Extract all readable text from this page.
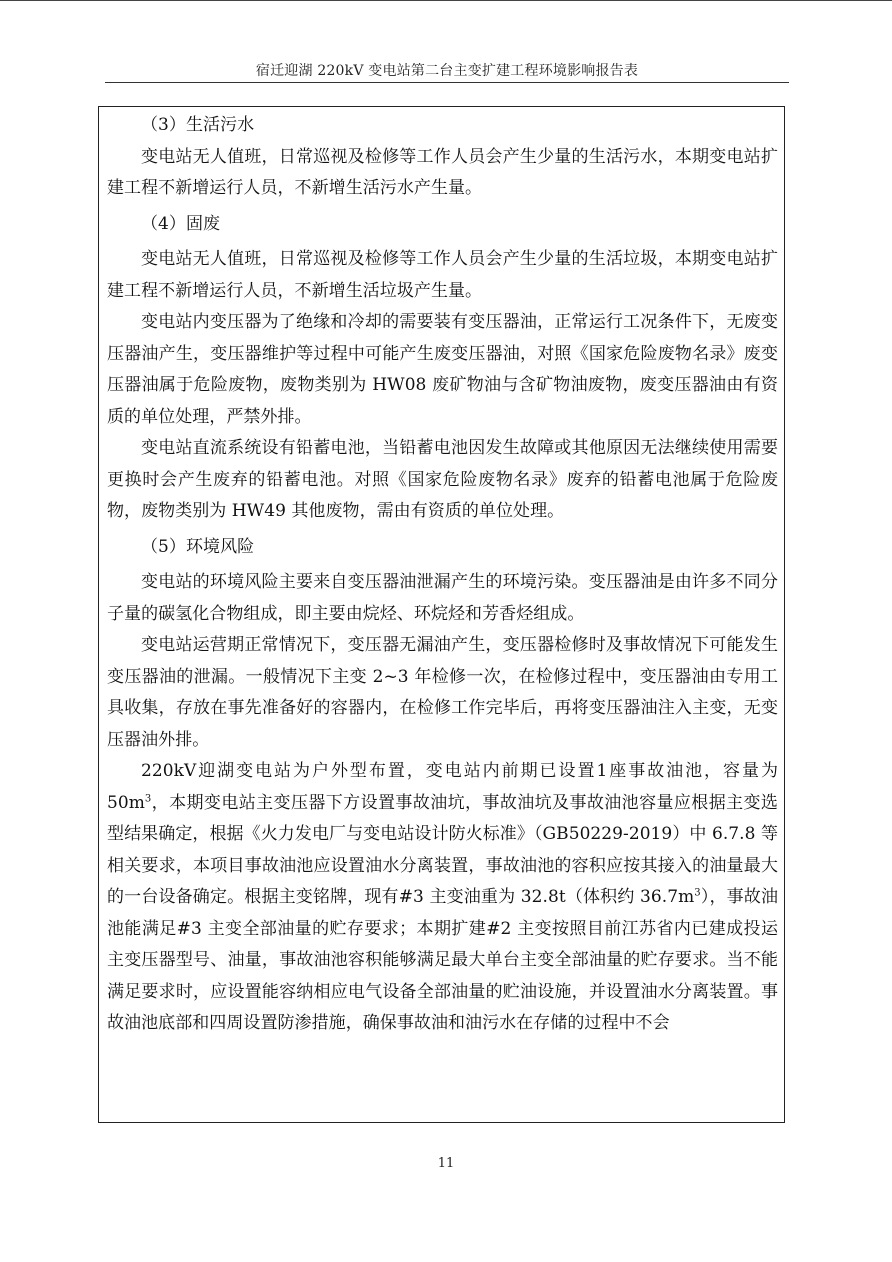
宿迁迎湖 220kV 变电站第二台主变扩建工程环境影响报告表

（3）生活污水

变电站无人值班，日常巡视及检修等工作人员会产生少量的生活污水，本期变电站扩建工程不新增运行人员，不新增生活污水产生量。

（4）固废

变电站无人值班，日常巡视及检修等工作人员会产生少量的生活垃圾，本期变电站扩建工程不新增运行人员，不新增生活垃圾产生量。

变电站内变压器为了绝缘和冷却的需要装有变压器油，正常运行工况条件下，无废变压器油产生，变压器维护等过程中可能产生废变压器油，对照《国家危险废物名录》废变压器油属于危险废物，废物类别为 HW08 废矿物油与含矿物油废物，废变压器油由有资质的单位处理，严禁外排。

变电站直流系统设有铅蓄电池，当铅蓄电池因发生故障或其他原因无法继续使用需要更换时会产生废弃的铅蓄电池。对照《国家危险废物名录》废弃的铅蓄电池属于危险废物，废物类别为 HW49 其他废物，需由有资质的单位处理。

（5）环境风险

变电站的环境风险主要来自变压器油泄漏产生的环境污染。变压器油是由许多不同分子量的碳氢化合物组成，即主要由烷烃、环烷烃和芳香烃组成。

变电站运营期正常情况下，变压器无漏油产生，变压器检修时及事故情况下可能发生变压器油的泄漏。一般情况下主变 2~3 年检修一次，在检修过程中，变压器油由专用工具收集，存放在事先准备好的容器内，在检修工作完毕后，再将变压器油注入主变，无变压器油外排。

220kV迎湖变电站为户外型布置，变电站内前期已设置1座事故油池，容量为$50m^3$，本期变电站主变压器下方设置事故油坑，事故油坑及事故油池容量应根据主变选型结果确定，根据《火力发电厂与变电站设计防火标准》（GB50229-2019）中 6.7.8 等相关要求，本项目事故油池应设置油水分离装置，事故油池的容积应按其接入的油量最大的一台设备确定。根据主变铭牌，现有#3 主变油重为 32.8t（体积约 $36.7m^3$），事故油池能满足#3 主变全部油量的贮存要求；本期扩建#2 主变按照目前江苏省内已建成投运主变压器型号、油量，事故油池容积能够满足最大单台主变全部油量的贮存要求。当不能满足要求时，应设置能容纳相应电气设备全部油量的贮油设施，并设置油水分离装置。事故油池底部和四周设置防渗措施，确保事故油和油污水在存储的过程中不会

11
